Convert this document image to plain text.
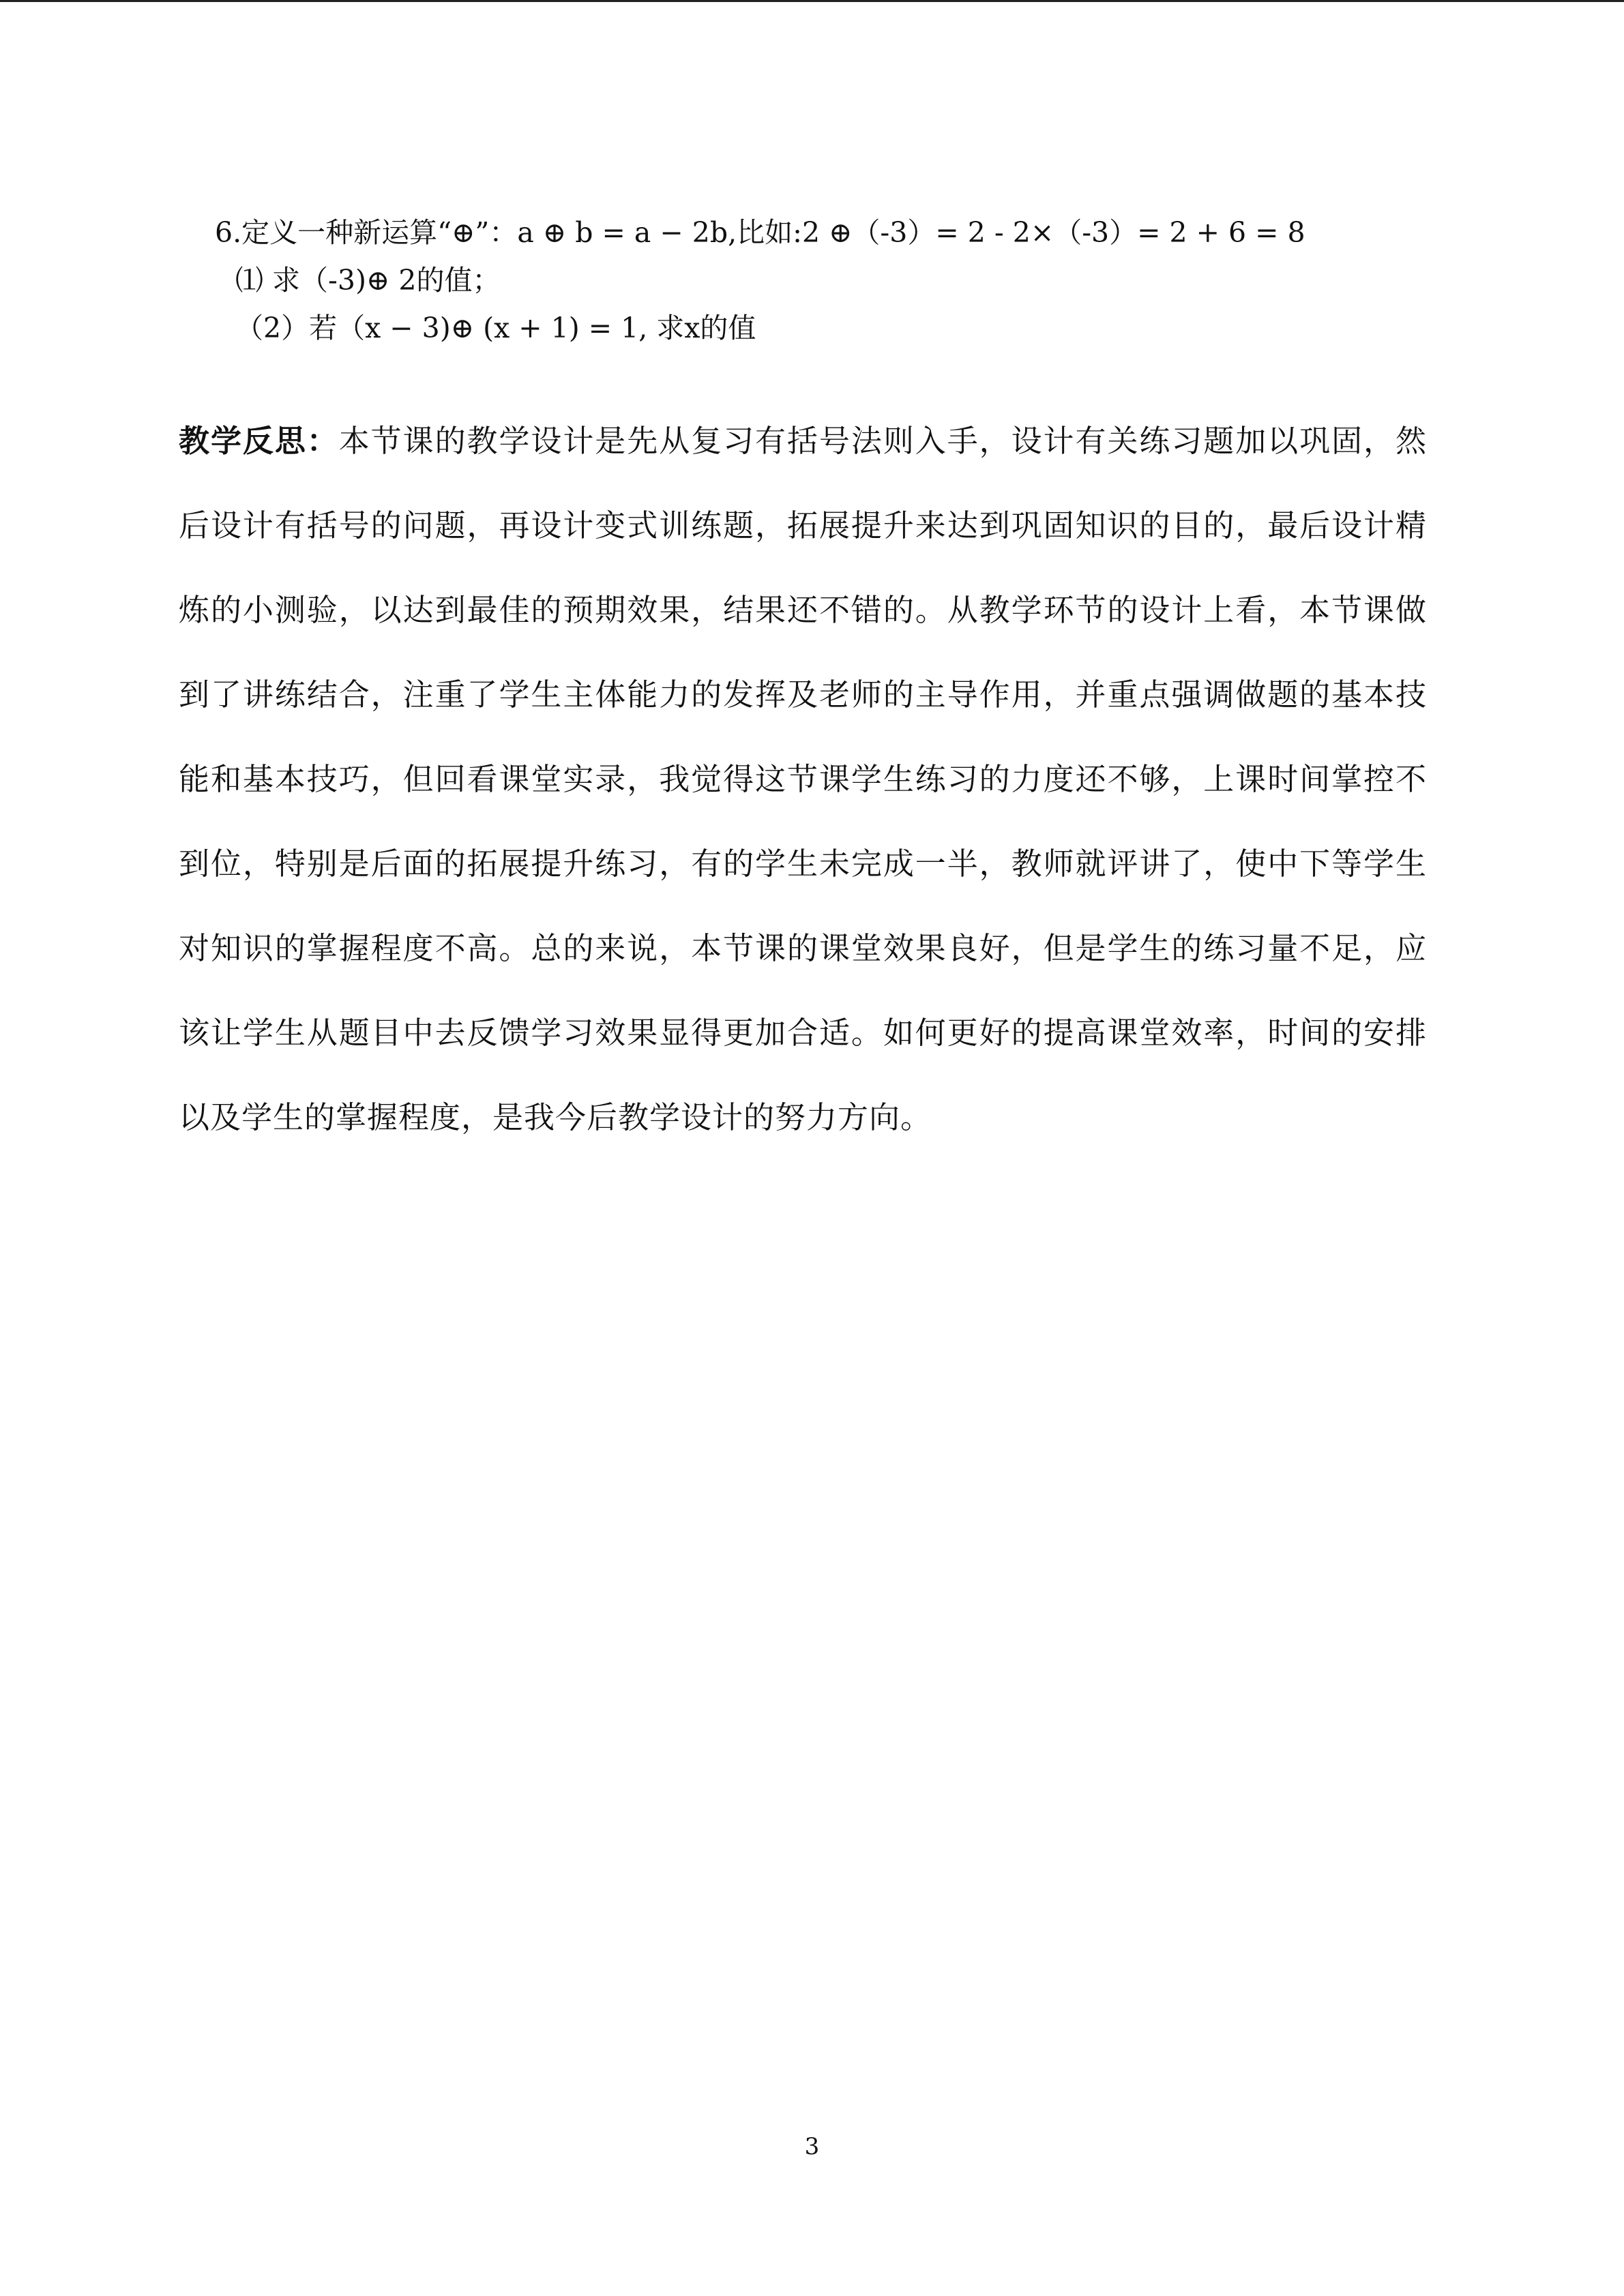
6.定义一种新运算“⊕”：a ⊕ b = a − 2b,比如:2 ⊕（-3）= 2 - 2×（-3）= 2 + 6 = 8
⑴ 求（-3)⊕ 2的值；
（2）若（x − 3)⊕ (x + 1) = 1, 求x的值
教学反思：本节课的教学设计是先从复习有括号法则入手，设计有关练习题加以巩固，然后设计有括号的问题，再设计变式训练题，拓展提升来达到巩固知识的目的，最后设计精炼的小测验，以达到最佳的预期效果，结果还不错的。从教学环节的设计上看，本节课做到了讲练结合，注重了学生主体能力的发挥及老师的主导作用，并重点强调做题的基本技能和基本技巧，但回看课堂实录，我觉得这节课学生练习的力度还不够，上课时间掌控不到位，特别是后面的拓展提升练习，有的学生未完成一半，教师就评讲了，使中下等学生对知识的掌握程度不高。总的来说，本节课的课堂效果良好，但是学生的练习量不足，应该让学生从题目中去反馈学习效果显得更加合适。如何更好的提高课堂效率，时间的安排以及学生的掌握程度，是我今后教学设计的努力方向。
3
